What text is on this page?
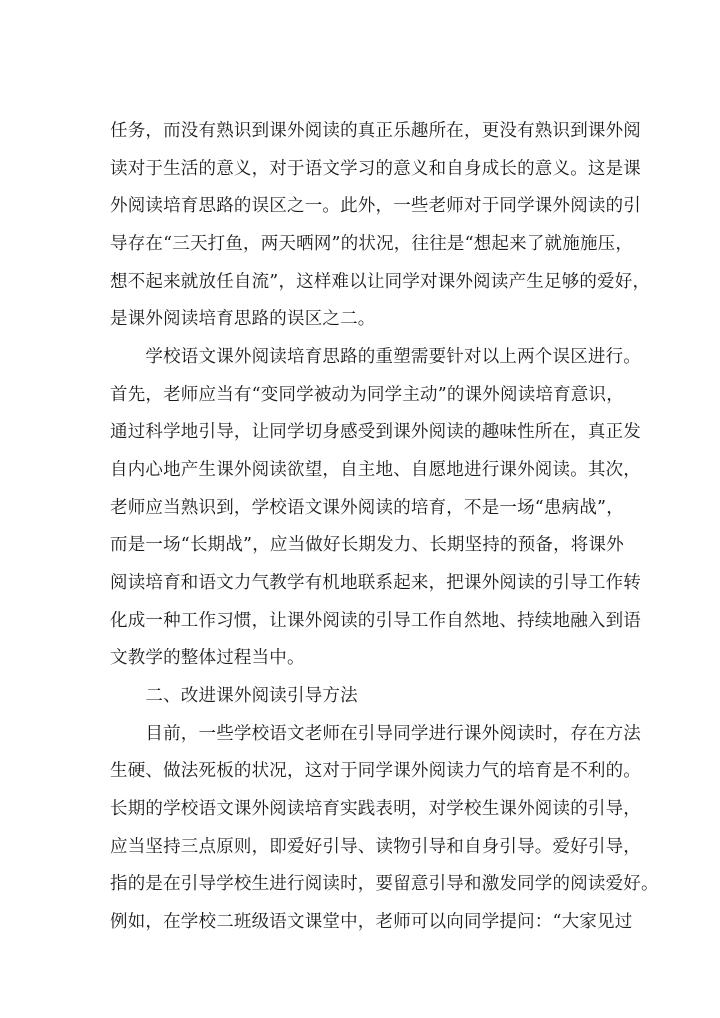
任务，而没有熟识到课外阅读的真正乐趣所在，更没有熟识到课外阅
读对于生活的意义，对于语文学习的意义和自身成长的意义。这是课
外阅读培育思路的误区之一。此外，一些老师对于同学课外阅读的引
导存在“三天打鱼，两天晒网”的状况，往往是“想起来了就施施压，
想不起来就放任自流”，这样难以让同学对课外阅读产生足够的爱好，
是课外阅读培育思路的误区之二。
　　学校语文课外阅读培育思路的重塑需要针对以上两个误区进行。
首先，老师应当有“变同学被动为同学主动”的课外阅读培育意识，
通过科学地引导，让同学切身感受到课外阅读的趣味性所在，真正发
自内心地产生课外阅读欲望，自主地、自愿地进行课外阅读。其次，
老师应当熟识到，学校语文课外阅读的培育，不是一场“患病战”，
而是一场“长期战”，应当做好长期发力、长期坚持的预备，将课外
阅读培育和语文力气教学有机地联系起来，把课外阅读的引导工作转
化成一种工作习惯，让课外阅读的引导工作自然地、持续地融入到语
文教学的整体过程当中。
　　二、改进课外阅读引导方法
　　目前，一些学校语文老师在引导同学进行课外阅读时，存在方法
生硬、做法死板的状况，这对于同学课外阅读力气的培育是不利的。
长期的学校语文课外阅读培育实践表明，对学校生课外阅读的引导，
应当坚持三点原则，即爱好引导、读物引导和自身引导。爱好引导，
指的是在引导学校生进行阅读时，要留意引导和激发同学的阅读爱好。
例如，在学校二班级语文课堂中，老师可以向同学提问：“大家见过
